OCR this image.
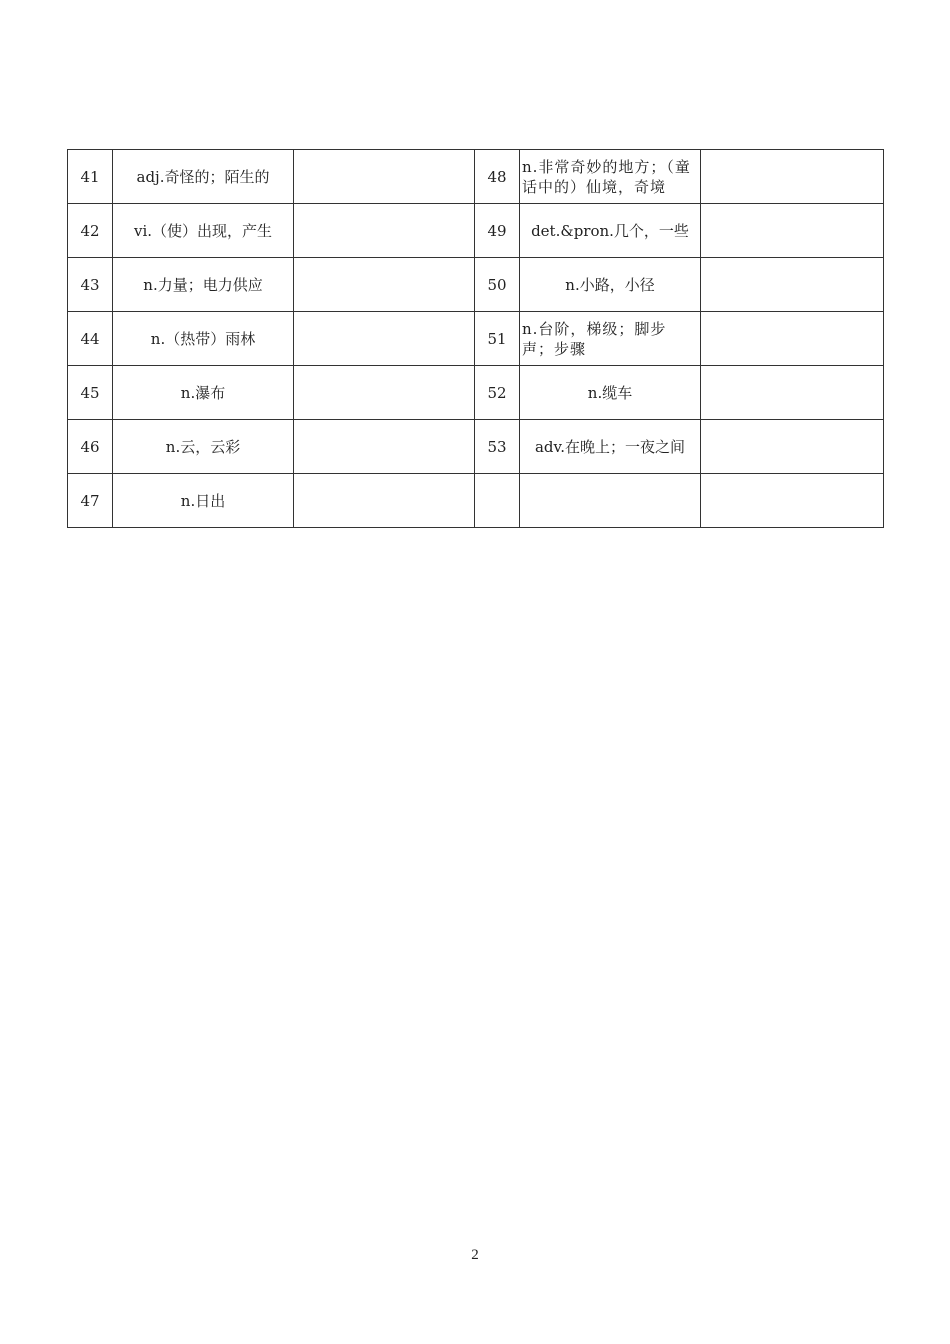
41	adj.奇怪的；陌生的		48	n.非常奇妙的地方；（童话中的）仙境，奇境	
42	vi.（使）出现，产生		49	det.&pron.几个，一些	
43	n.力量；电力供应		50	n.小路，小径	
44	n.（热带）雨林		51	n.台阶，梯级；脚步声；步骤	
45	n.瀑布		52	n.缆车	
46	n.云，云彩		53	adv.在晚上；一夜之间	
47	n.日出				
2
